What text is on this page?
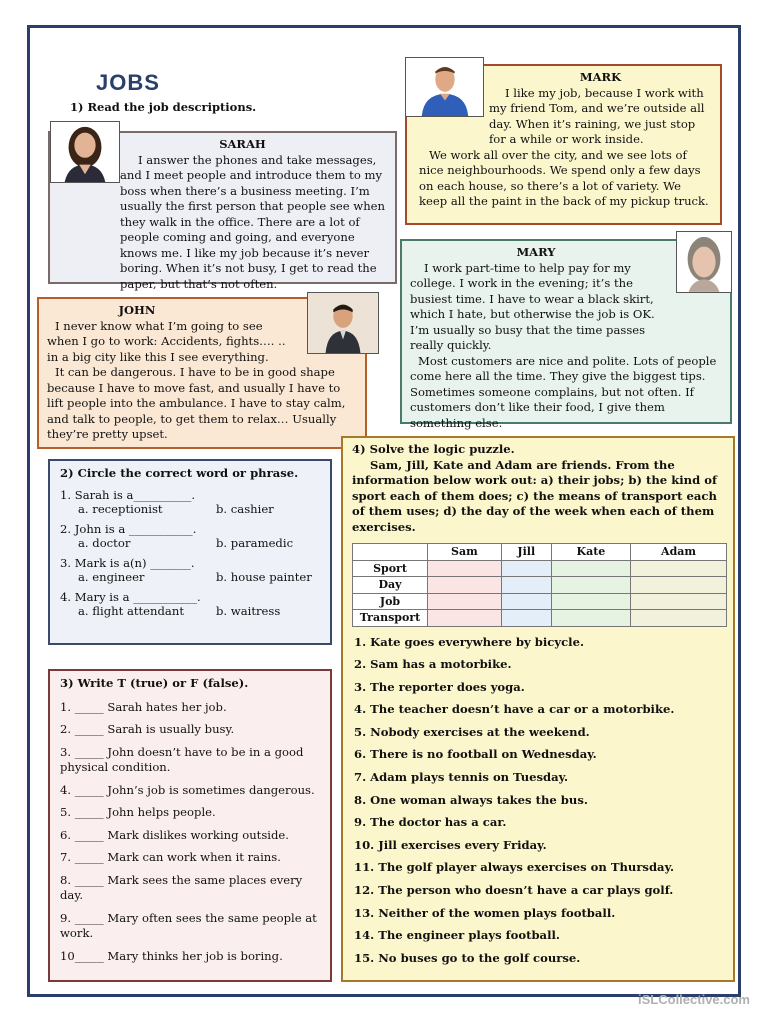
JOBS
1) Read the job descriptions.
SARAH

I answer the phones and take messages, and I meet people and introduce them to my boss when there’s a business meeting. I’m usually the first person that people see when they walk in the office. There are a lot of people coming and going, and everyone knows me. I like my job because it’s never boring. When it’s not busy, I get to read the paper, but that’s not often.

MARK

I like my job, because I work with my friend Tom, and we’re outside all day. When it’s raining, we just stop for a while or work inside.

We work all over the city, and we see lots of nice neighbourhoods. We spend only a few days on each house, so there’s a lot of variety. We keep all the paint in the back of my pickup truck.

JOHN

I never know what I’m going to see when I go to work: Accidents, fights…. .. in a big city like this I see everything.

It can be dangerous. I have to be in good shape because I have to move fast, and usually I have to lift people into the ambulance. I have to stay calm, and talk to people, to get them to relax… Usually they’re pretty upset.

MARY

I work part-time to help pay for my college. I work in the evening; it’s the busiest time. I have to wear a black skirt, which I hate, but otherwise the job is OK. I’m usually so busy that the time passes really quickly.

Most customers are nice and polite. Lots of people come here all the time. They give the biggest tips. Sometimes someone complains, but not often. If customers don’t like their food, I give them something else.

2) Circle the correct word or phrase.
1. Sarah is a__________.
a. receptionist	b. cashier
2. John is a ___________.
a. doctor	b. paramedic
3. Mark is a(n) _______.
a. engineer	b. house painter
4. Mary is a ___________.
a. flight attendant	b. waitress
3) Write T (true) or F (false).
1. _____ Sarah hates her job.
2. _____ Sarah is usually busy.
3. _____ John doesn’t have to be in a good physical condition.
4. _____ John’s job is sometimes dangerous.
5. _____ John helps people.
6. _____ Mark dislikes working outside.
7. _____ Mark can work when it rains.
8. _____ Mark sees the same places every day.
9. _____ Mary often sees the same people at work.
10_____ Mary thinks her job is boring.
4) Solve the logic puzzle.

Sam, Jill, Kate and Adam are friends. From the information below work out: a) their jobs; b) the kind of sport each of them does; c) the means of transport each of them uses; d) the day of the week when each of them exercises.

	Sam	Jill	Kate	Adam
Sport				
Day				
Job				
Transport				

1. Kate goes everywhere by bicycle.

2. Sam has a motorbike.

3. The reporter does yoga.

4. The teacher doesn’t have a car or a motorbike.

5. Nobody exercises at the weekend.

6. There is no football on Wednesday.

7. Adam plays tennis on Tuesday.

8. One woman always takes the bus.

9. The doctor has a car.

10. Jill exercises every Friday.

11. The golf player always exercises on Thursday.

12. The person who doesn’t have a car plays golf.

13. Neither of the women plays football.

14. The engineer plays football.

15. No buses go to the golf course.

iSLCollective.com
